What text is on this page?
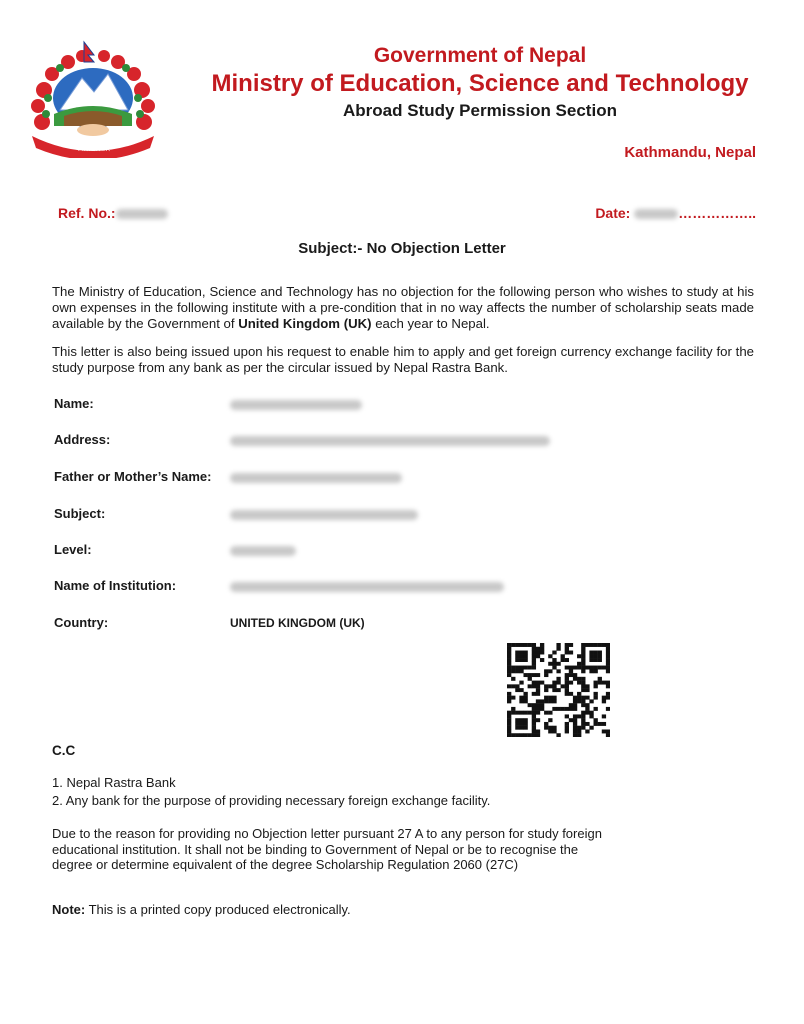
नेपाल सरकार
Government of Nepal
Ministry of Education, Science and Technology
Abroad Study Permission Section
Kathmandu, Nepal
Ref. No.:	Date:	……………..
Subject:- No Objection Letter
The Ministry of Education, Science and Technology has no objection for the following person who wishes to study at his own expenses in the following institute with a pre-condition that in no way affects the number of scholarship seats made available by the Government of United Kingdom (UK) each year to Nepal.
This letter is also being issued upon his request to enable him to apply and get foreign currency exchange facility for the study purpose from any bank as per the circular issued by Nepal Rastra Bank.
Name:
Address:
Father or Mother’s Name:
Subject:
Level:
Name of Institution:
Country:	UNITED KINGDOM (UK)
C.C
1. Nepal Rastra Bank
2. Any bank for the purpose of providing necessary foreign exchange facility.
Due to the reason for providing no Objection letter pursuant 27 A to any person for study foreign educational institution. It shall not be binding to Government of Nepal or be to recognise the degree or determine equivalent of the degree Scholarship Regulation 2060 (27C)
Note: This is a printed copy produced electronically.
